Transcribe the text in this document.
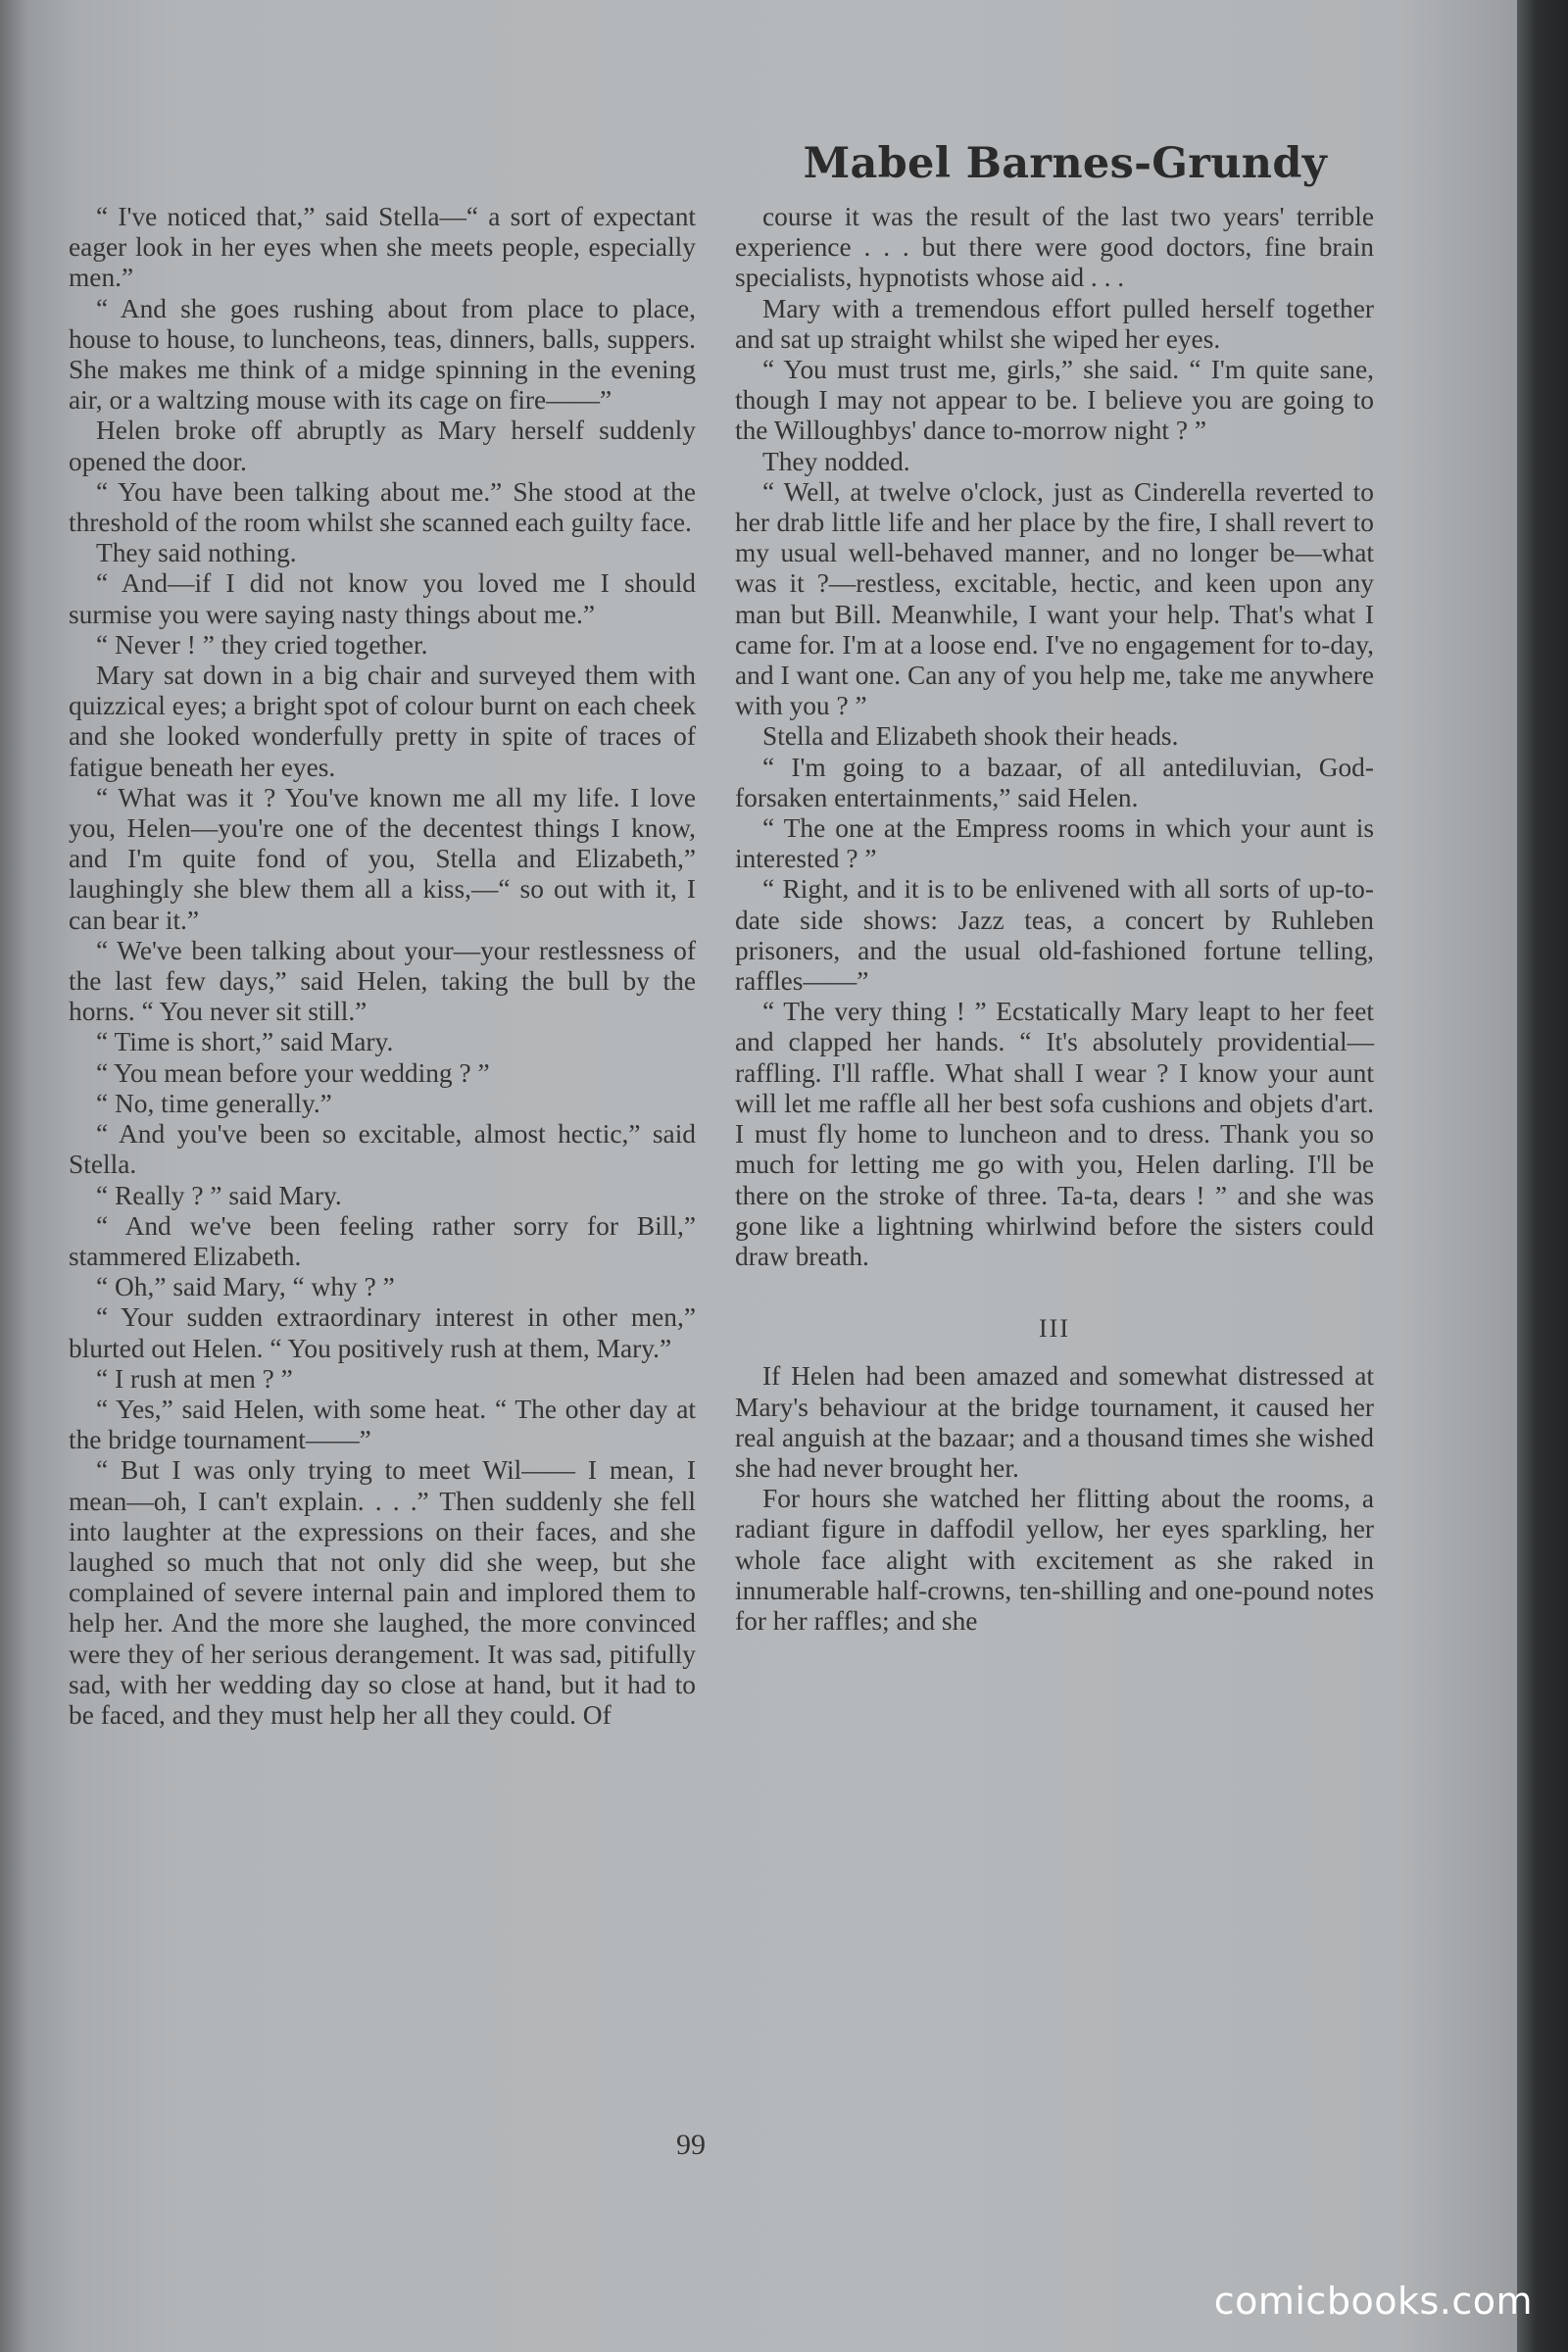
Mabel Barnes-Grundy

“ I've noticed that,” said Stella—“ a sort of expectant eager look in her eyes when she meets people, especially men.”

“ And she goes rushing about from place to place, house to house, to luncheons, teas, dinners, balls, suppers. She makes me think of a midge spinning in the evening air, or a waltzing mouse with its cage on fire——”

Helen broke off abruptly as Mary herself suddenly opened the door.

“ You have been talking about me.” She stood at the threshold of the room whilst she scanned each guilty face.

They said nothing.

“ And—if I did not know you loved me I should surmise you were saying nasty things about me.”

“ Never ! ” they cried together.

Mary sat down in a big chair and surveyed them with quizzical eyes; a bright spot of colour burnt on each cheek and she looked wonderfully pretty in spite of traces of fatigue beneath her eyes.

“ What was it ? You've known me all my life. I love you, Helen—you're one of the decentest things I know, and I'm quite fond of you, Stella and Elizabeth,” laughingly she blew them all a kiss,—“ so out with it, I can bear it.”

“ We've been talking about your—your restlessness of the last few days,” said Helen, taking the bull by the horns. “ You never sit still.”

“ Time is short,” said Mary.

“ You mean before your wedding ? ”

“ No, time generally.”

“ And you've been so excitable, almost hectic,” said Stella.

“ Really ? ” said Mary.

“ And we've been feeling rather sorry for Bill,” stammered Elizabeth.

“ Oh,” said Mary, “ why ? ”

“ Your sudden extraordinary interest in other men,” blurted out Helen. “ You positively rush at them, Mary.”

“ I rush at men ? ”

“ Yes,” said Helen, with some heat. “ The other day at the bridge tournament——”

“ But I was only trying to meet Wil—— I mean, I mean—oh, I can't explain. . . .” Then suddenly she fell into laughter at the expressions on their faces, and she laughed so much that not only did she weep, but she complained of severe internal pain and implored them to help her. And the more she laughed, the more convinced were they of her serious derangement. It was sad, pitifully sad, with her wedding day so close at hand, but it had to be faced, and they must help her all they could. Of

course it was the result of the last two years' terrible experience . . . but there were good doctors, fine brain specialists, hypnotists whose aid . . .

Mary with a tremendous effort pulled herself together and sat up straight whilst she wiped her eyes.

“ You must trust me, girls,” she said. “ I'm quite sane, though I may not appear to be. I believe you are going to the Willoughbys' dance to-morrow night ? ”

They nodded.

“ Well, at twelve o'clock, just as Cinderella reverted to her drab little life and her place by the fire, I shall revert to my usual well-behaved manner, and no longer be—what was it ?—restless, excitable, hectic, and keen upon any man but Bill. Meanwhile, I want your help. That's what I came for. I'm at a loose end. I've no engagement for to-day, and I want one. Can any of you help me, take me anywhere with you ? ”

Stella and Elizabeth shook their heads.

“ I'm going to a bazaar, of all antediluvian, God-forsaken entertainments,” said Helen.

“ The one at the Empress rooms in which your aunt is interested ? ”

“ Right, and it is to be enlivened with all sorts of up-to-date side shows: Jazz teas, a concert by Ruhleben prisoners, and the usual old-fashioned fortune telling, raffles——”

“ The very thing ! ” Ecstatically Mary leapt to her feet and clapped her hands. “ It's absolutely providential—raffling. I'll raffle. What shall I wear ? I know your aunt will let me raffle all her best sofa cushions and objets d'art. I must fly home to luncheon and to dress. Thank you so much for letting me go with you, Helen darling. I'll be there on the stroke of three. Ta-ta, dears ! ” and she was gone like a lightning whirlwind before the sisters could draw breath.

III

If Helen had been amazed and somewhat distressed at Mary's behaviour at the bridge tournament, it caused her real anguish at the bazaar; and a thousand times she wished she had never brought her.

For hours she watched her flitting about the rooms, a radiant figure in daffodil yellow, her eyes sparkling, her whole face alight with excitement as she raked in innumerable half-crowns, ten-shilling and one-pound notes for her raffles; and she

99
comicbooks.com
